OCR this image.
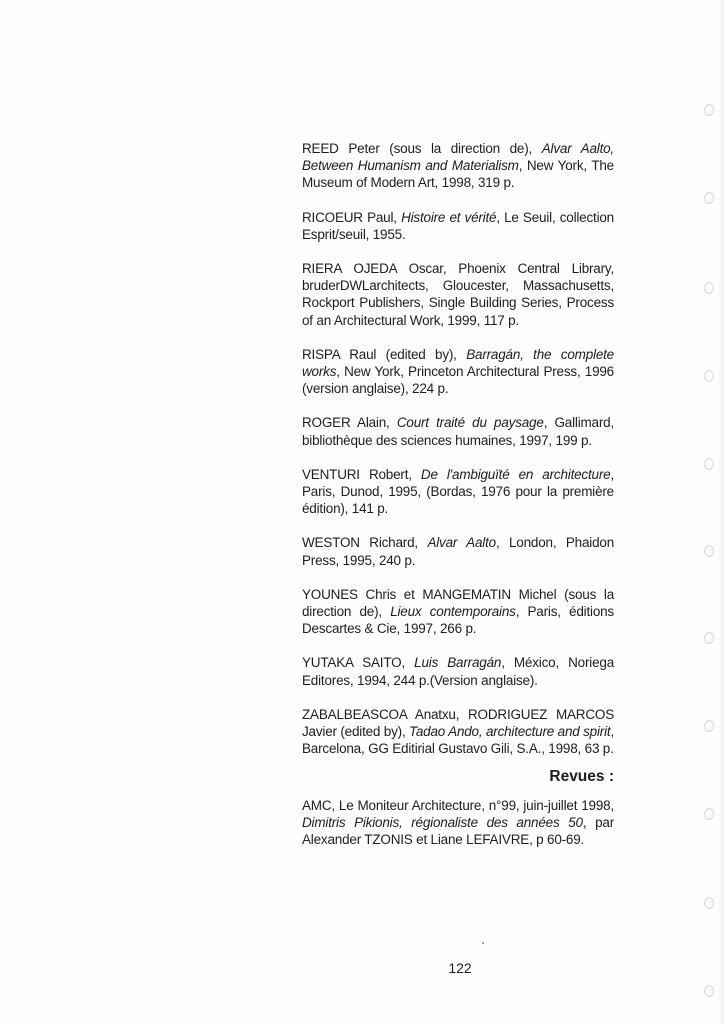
REED Peter (sous la direction de), Alvar Aalto, Between Humanism and Materialism, New York, The Museum of Modern Art, 1998, 319 p.

RICOEUR Paul, Histoire et vérité, Le Seuil, collection Esprit/seuil, 1955.

RIERA OJEDA Oscar, Phoenix Central Library, bruderDWLarchitects, Gloucester, Massachusetts, Rockport Publishers, Single Building Series, Process of an Architectural Work, 1999, 117 p.

RISPA Raul (edited by), Barragán, the complete works, New York, Princeton Architectural Press, 1996 (version anglaise), 224 p.

ROGER Alain, Court traité du paysage, Gallimard, bibliothèque des sciences humaines, 1997, 199 p.

VENTURI Robert, De l'ambiguïté en architecture, Paris, Dunod, 1995, (Bordas, 1976 pour la première édition), 141 p.

WESTON Richard, Alvar Aalto, London, Phaidon Press, 1995, 240 p.

YOUNES Chris et MANGEMATIN Michel (sous la direction de), Lieux contemporains, Paris, éditions Descartes & Cie, 1997, 266 p.

YUTAKA SAITO, Luis Barragán, México, Noriega Editores, 1994, 244 p.(Version anglaise).

ZABALBEASCOA Anatxu, RODRIGUEZ MARCOS Javier (edited by), Tadao Ando, architecture and spirit, Barcelona, GG Editirial Gustavo Gili, S.A., 1998, 63 p.

Revues :

AMC, Le Moniteur Architecture, n°99, juin-juillet 1998, Dimitris Pikionis, régionaliste des années 50, par Alexander TZONIS et Liane LEFAIVRE, p 60-69.

122
